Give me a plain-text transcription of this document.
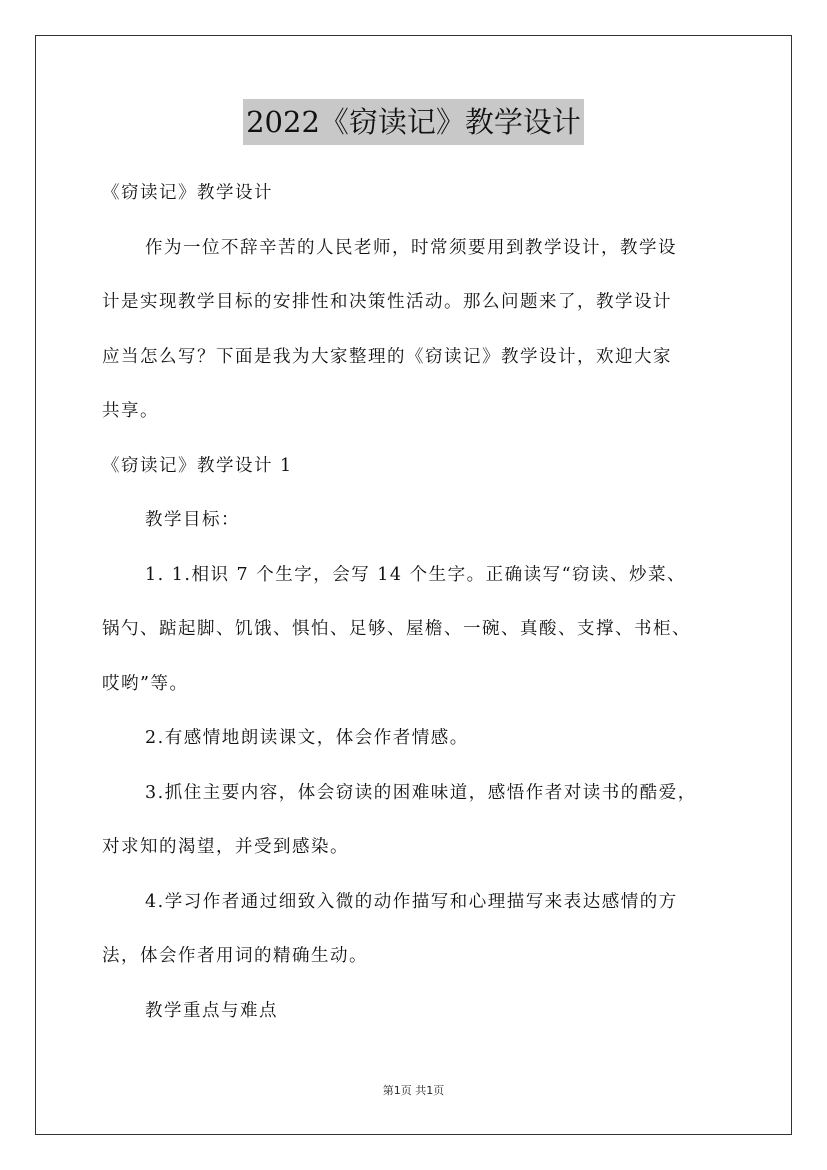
2022《窃读记》教学设计
《窃读记》教学设计
作为一位不辞辛苦的人民老师，时常须要用到教学设计，教学设
计是实现教学目标的安排性和决策性活动。那么问题来了，教学设计
应当怎么写？下面是我为大家整理的《窃读记》教学设计，欢迎大家
共享。
《窃读记》教学设计 1
教学目标：
1. 1.相识 7 个生字，会写 14 个生字。正确读写“窃读、炒菜、
锅勺、踮起脚、饥饿、惧怕、足够、屋檐、一碗、真酸、支撑、书柜、
哎哟”等。
2.有感情地朗读课文，体会作者情感。
3.抓住主要内容，体会窃读的困难味道，感悟作者对读书的酷爱，
对求知的渴望，并受到感染。
4.学习作者通过细致入微的动作描写和心理描写来表达感情的方
法，体会作者用词的精确生动。
教学重点与难点
第1页 共1页
